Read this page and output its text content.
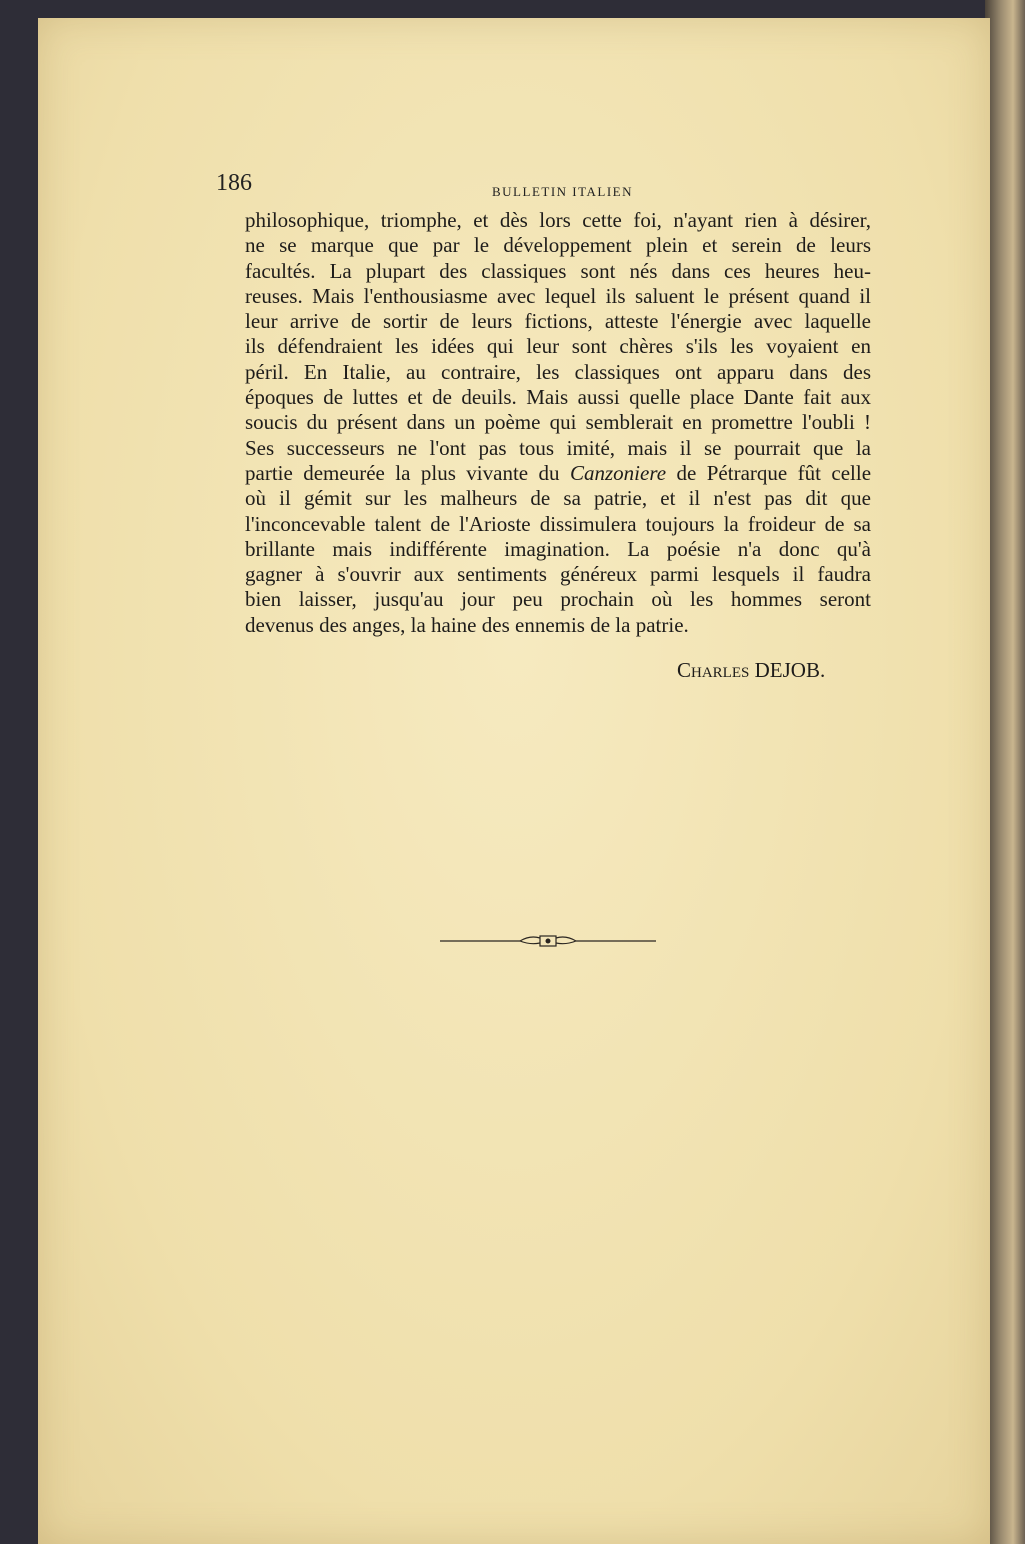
186	BULLETIN ITALIEN
philosophique, triomphe, et dès lors cette foi, n'ayant rien à désirer,
ne se marque que par le développement plein et serein de leurs
facultés. La plupart des classiques sont nés dans ces heures heu-
reuses. Mais l'enthousiasme avec lequel ils saluent le présent quand il
leur arrive de sortir de leurs fictions, atteste l'énergie avec laquelle
ils défendraient les idées qui leur sont chères s'ils les voyaient en
péril. En Italie, au contraire, les classiques ont apparu dans des
époques de luttes et de deuils. Mais aussi quelle place Dante fait aux
soucis du présent dans un poème qui semblerait en promettre l'oubli !
Ses successeurs ne l'ont pas tous imité, mais il se pourrait que la
partie demeurée la plus vivante du Canzoniere de Pétrarque fût celle
où il gémit sur les malheurs de sa patrie, et il n'est pas dit que
l'inconcevable talent de l'Arioste dissimulera toujours la froideur de sa
brillante mais indifférente imagination. La poésie n'a donc qu'à
gagner à s'ouvrir aux sentiments généreux parmi lesquels il faudra
bien laisser, jusqu'au jour peu prochain où les hommes seront
devenus des anges, la haine des ennemis de la patrie.
Charles DEJOB.
